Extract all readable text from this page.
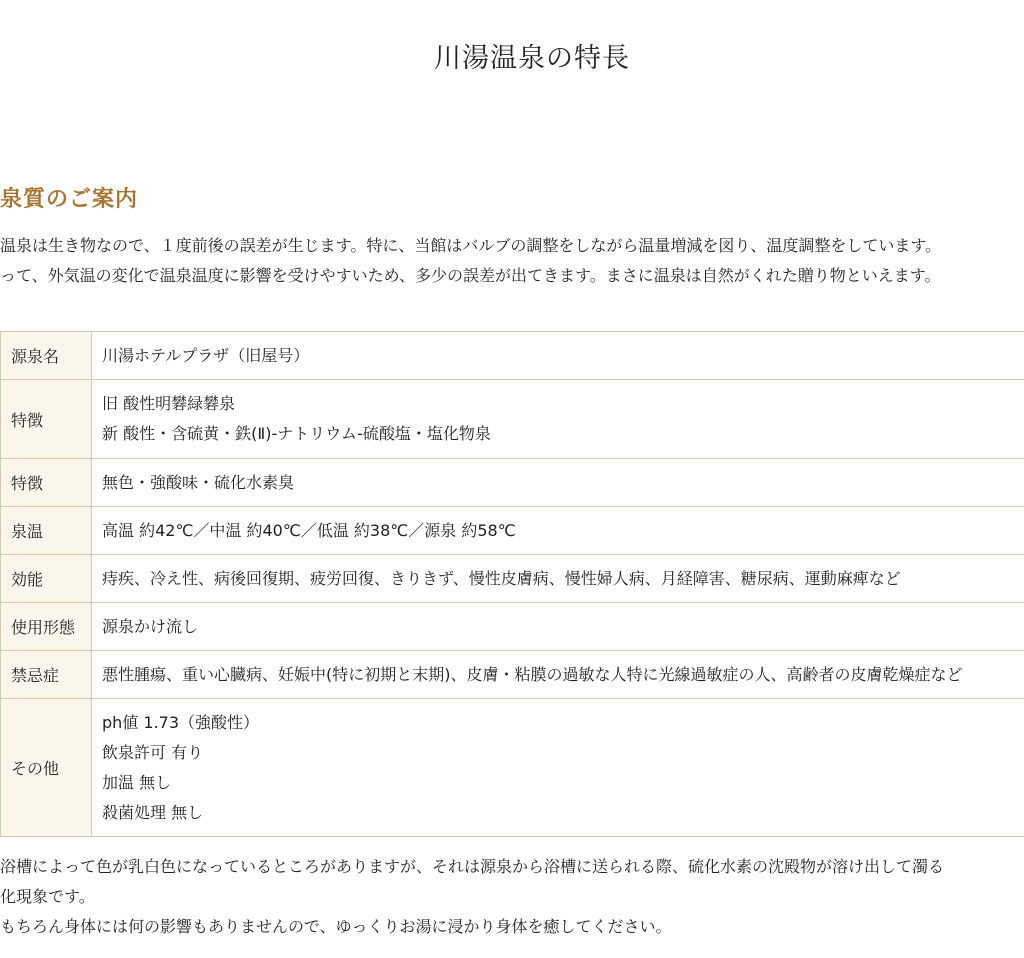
川湯温泉の特長
泉質のご案内
温泉は生き物なので、１度前後の誤差が生じます。特に、当館はバルブの調整をしながら温量増減を図り、温度調整をしています。
って、外気温の変化で温泉温度に影響を受けやすいため、多少の誤差が出てきます。まさに温泉は自然がくれた贈り物といえます。
源泉名	川湯ホテルプラザ（旧屋号）

特徴	旧 酸性明礬緑礬泉
新 酸性・含硫黄・鉄(Ⅱ)-ナトリウム-硫酸塩・塩化物泉

特徴	無色・強酸味・硫化水素臭

泉温	高温 約42℃／中温 約40℃／低温 約38℃／源泉 約58℃

効能	痔疾、冷え性、病後回復期、疲労回復、きりきず、慢性皮膚病、慢性婦人病、月経障害、糖尿病、運動麻痺など

使用形態	源泉かけ流し

禁忌症	悪性腫瘍、重い心臓病、妊娠中(特に初期と末期)、皮膚・粘膜の過敏な人特に光線過敏症の人、高齢者の皮膚乾燥症など

その他	ph値 1.73（強酸性）
飲泉許可 有り
加温 無し
殺菌処理 無し
浴槽によって色が乳白色になっているところがありますが、それは源泉から浴槽に送られる際、硫化水素の沈殿物が溶け出して濁る
化現象です。
もちろん身体には何の影響もありませんので、ゆっくりお湯に浸かり身体を癒してください。
